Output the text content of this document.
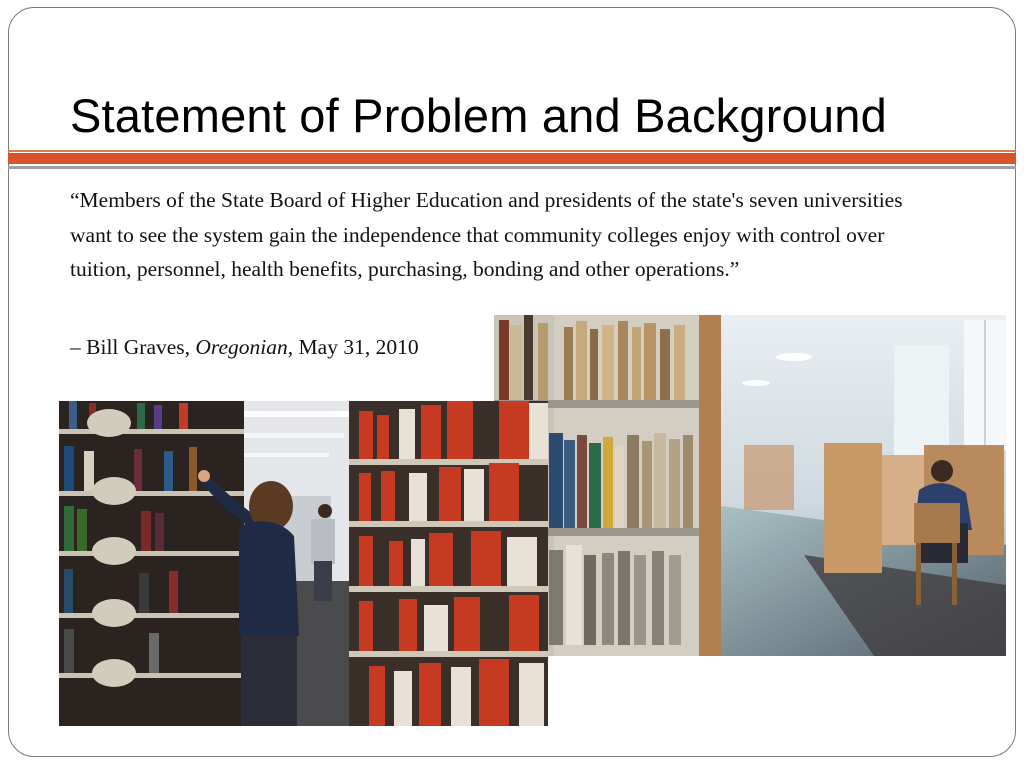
Statement of Problem and Background

“Members of the State Board of Higher Education and presidents of the state's seven universities want to see the system gain the independence that community colleges enjoy with control over tuition, personnel, health benefits, purchasing, bonding and other operations.”

– Bill Graves, Oregonian, May 31, 2010
